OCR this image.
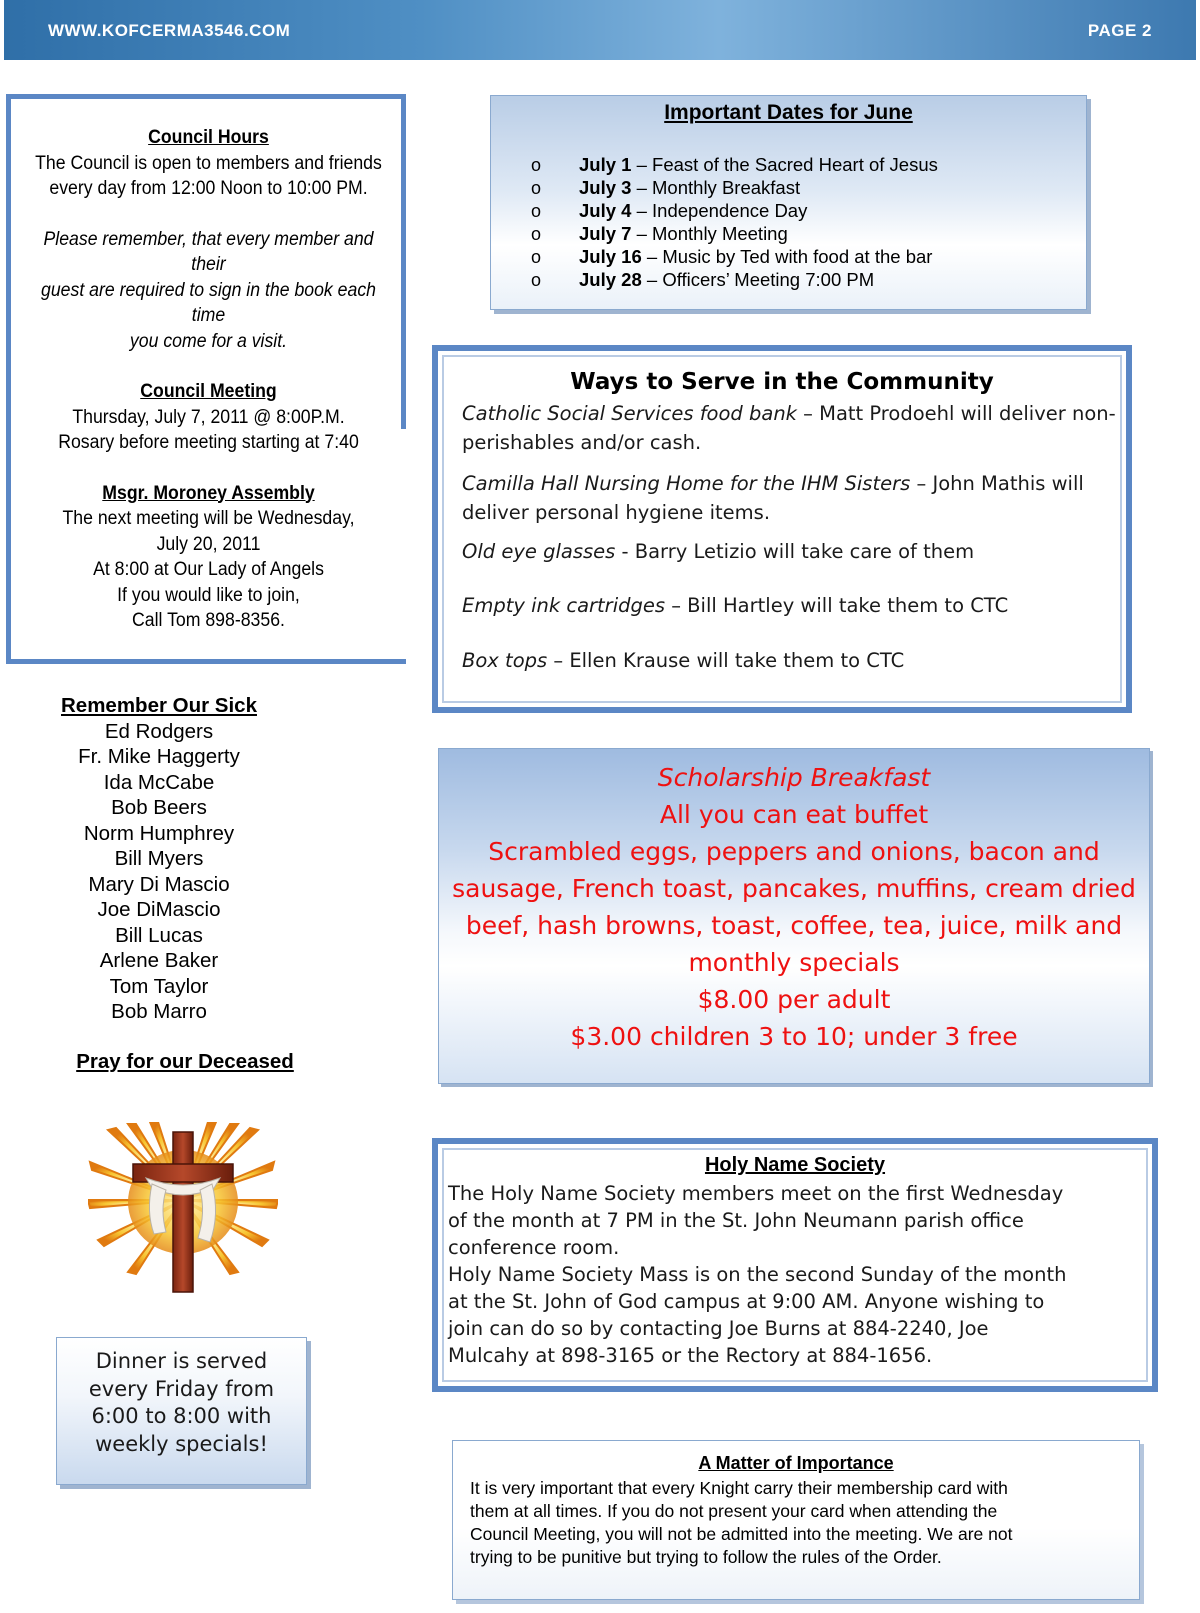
WWW.KOFCERMA3546.COM	PAGE 2
Council Hours
The Council is open to members and friends
every day from 12:00 Noon to 10:00 PM.
Please remember, that every member and their
guest are required to sign in the book each time
you come for a visit.
Council Meeting
Thursday, July 7, 2011 @ 8:00P.M.
Rosary before meeting starting at 7:40
Msgr. Moroney Assembly
The next meeting will be Wednesday,
July 20, 2011
At 8:00 at Our Lady of Angels
If you would like to join,
Call Tom 898-8356.
Important Dates for June
o July 1 – Feast of the Sacred Heart of Jesus
o July 3 – Monthly Breakfast
o July 4 – Independence Day
o July 7 – Monthly Meeting
o July 16 – Music by Ted with food at the bar
o July 28 – Officers’ Meeting 7:00 PM
Ways to Serve in the Community
Catholic Social Services food bank – Matt Prodoehl will deliver non-perishables and/or cash.
Camilla Hall Nursing Home for the IHM Sisters – John Mathis will deliver personal hygiene items.
Old eye glasses - Barry Letizio will take care of them
Empty ink cartridges – Bill Hartley will take them to CTC
Box tops – Ellen Krause will take them to CTC
Remember Our Sick
Ed Rodgers
Fr. Mike Haggerty
Ida McCabe
Bob Beers
Norm Humphrey
Bill Myers
Mary Di Mascio
Joe DiMascio
Bill Lucas
Arlene Baker
Tom Taylor
Bob Marro
Pray for our Deceased
Scholarship Breakfast
All you can eat buffet
Scrambled eggs, peppers and onions, bacon and
sausage, French toast, pancakes, muffins, cream dried
beef, hash browns, toast, coffee, tea, juice, milk and
monthly specials
$8.00 per adult
$3.00 children 3 to 10; under 3 free
Dinner is served
every Friday from
6:00 to 8:00 with
weekly specials!
Holy Name Society
The Holy Name Society members meet on the first Wednesday
of the month at 7 PM in the St. John Neumann parish office
conference room.
Holy Name Society Mass is on the second Sunday of the month
at the St. John of God campus at 9:00 AM. Anyone wishing to
join can do so by contacting Joe Burns at 884-2240, Joe
Mulcahy at 898-3165 or the Rectory at 884-1656.
A Matter of Importance
It is very important that every Knight carry their membership card with
them at all times. If you do not present your card when attending the
Council Meeting, you will not be admitted into the meeting. We are not
trying to be punitive but trying to follow the rules of the Order.
